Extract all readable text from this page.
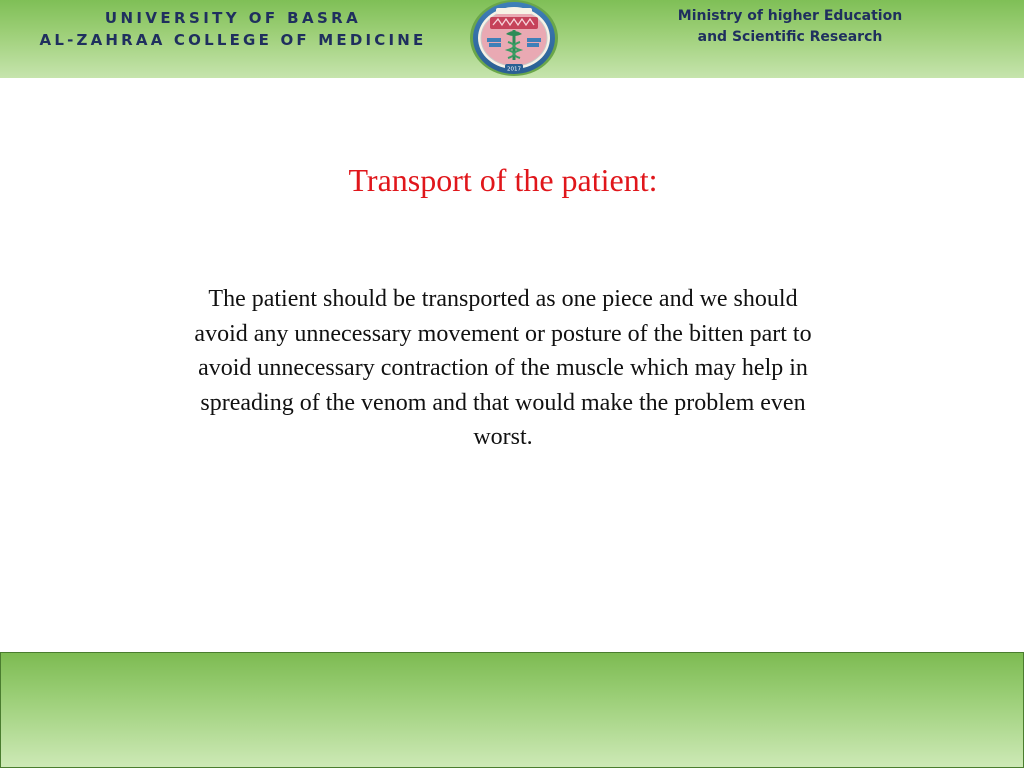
UNIVERSITY OF BASRA
AL-ZAHRAA COLLEGE OF MEDICINE
2017
Ministry of higher Education
and Scientific Research
Transport of the patient:
The patient should be transported as one piece and we should
avoid any unnecessary movement or posture of the bitten part to
avoid unnecessary contraction of the muscle which may help in
spreading of the venom and that would make the problem even
worst.
